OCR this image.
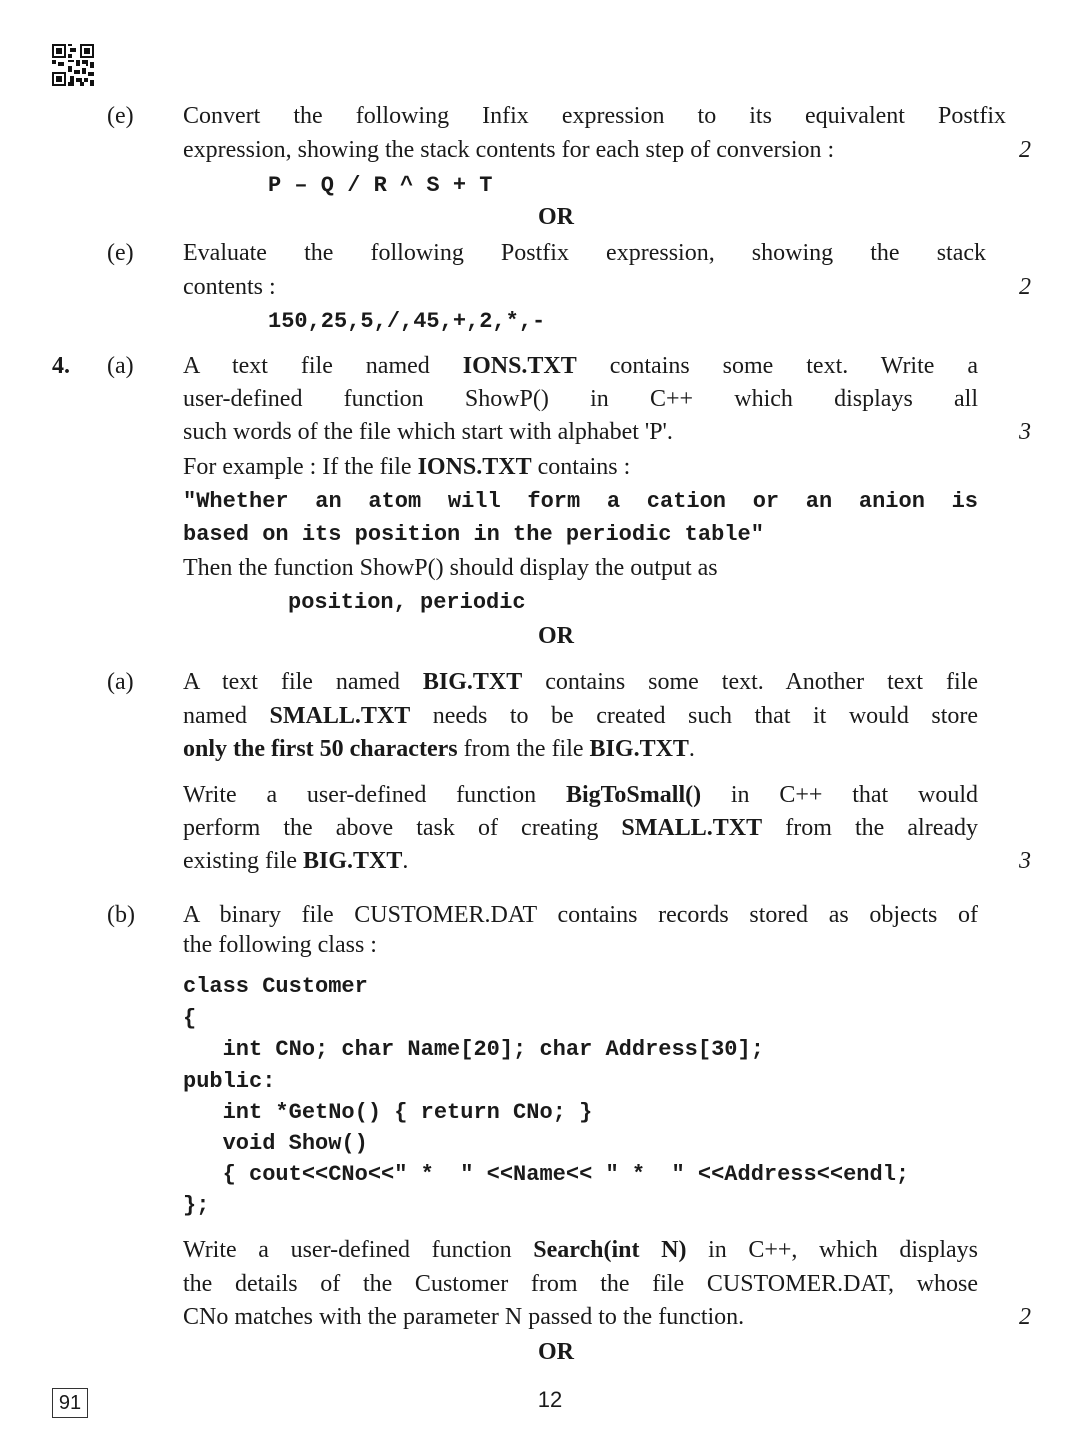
(e) Convert the following Infix expression to its equivalent Postfix
expression, showing the stack contents for each step of conversion :	2
P – Q / R ^ S + T
OR
(e) Evaluate the following Postfix expression, showing the stack
contents :	2
150,25,5,/,45,+,2,*,-
4. (a) A text file named IONS.TXT contains some text. Write a
user-defined function ShowP() in C++ which displays all
such words of the file which start with alphabet 'P'.	3
For example : If the file IONS.TXT contains :
"Whether an atom will form a cation or an anion is
based on its position in the periodic table"
Then the function ShowP() should display the output as
position, periodic
OR
(a) A text file named BIG.TXT contains some text. Another text file
named SMALL.TXT needs to be created such that it would store
only the first 50 characters from the file BIG.TXT.
Write a user-defined function BigToSmall() in C++ that would
perform the above task of creating SMALL.TXT from the already
existing file BIG.TXT.	3
(b) A binary file CUSTOMER.DAT contains records stored as objects of
the following class :
class Customer
{
int CNo; char Name[20]; char Address[30];
public:
int *GetNo() { return CNo; }
void Show()
{ cout<<CNo<<" *  " <<Name<< " *  " <<Address<<endl;
};
Write a user-defined function Search(int N) in C++, which displays
the details of the Customer from the file CUSTOMER.DAT, whose
CNo matches with the parameter N passed to the function.	2
OR
91	12
